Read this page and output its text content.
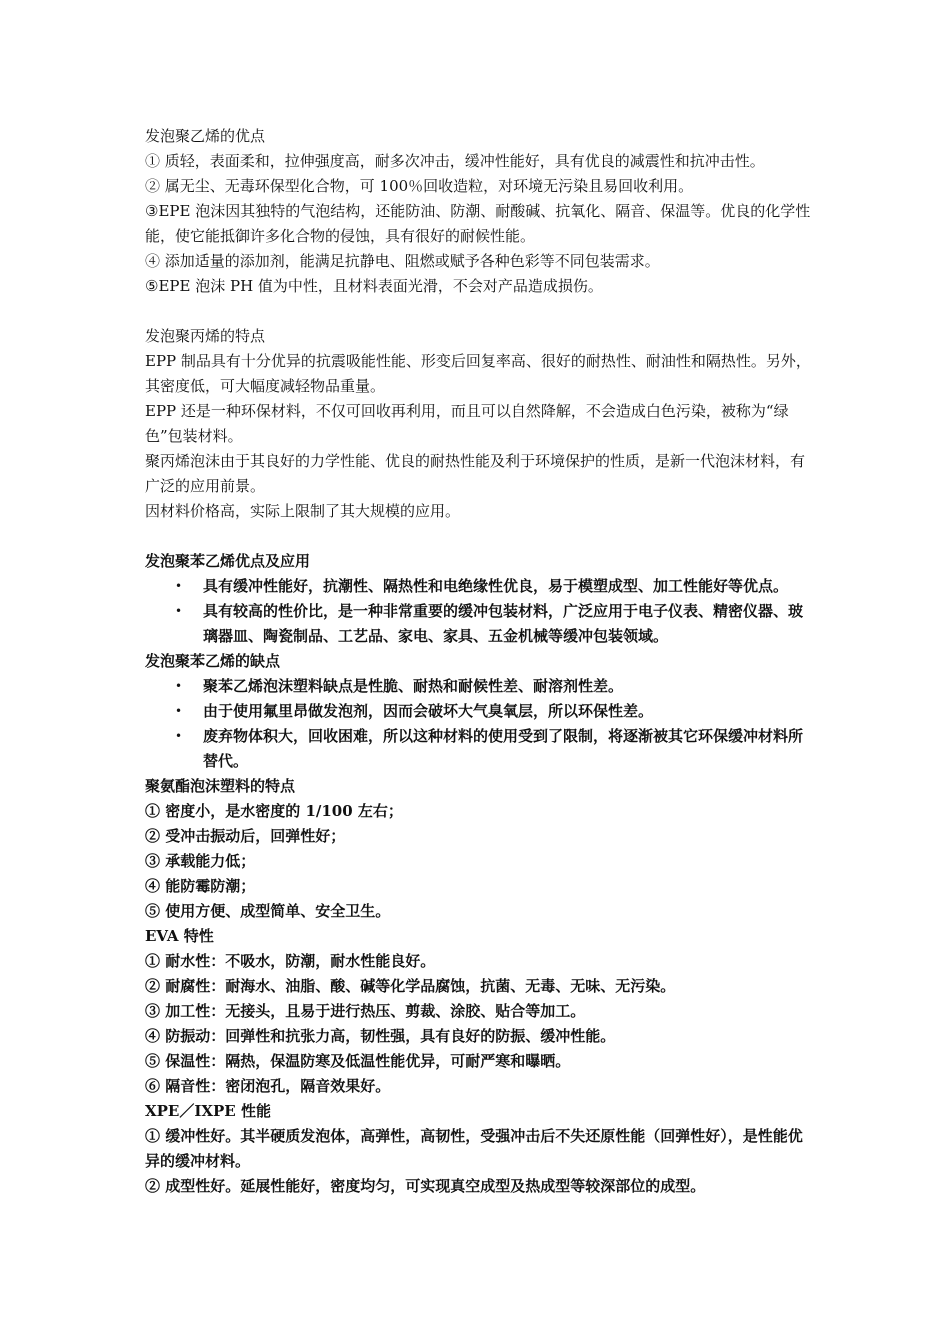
发泡聚乙烯的优点
① 质轻，表面柔和，拉伸强度高，耐多次冲击，缓冲性能好，具有优良的减震性和抗冲击性。
② 属无尘、无毒环保型化合物，可 100％回收造粒，对环境无污染且易回收利用。
③EPE 泡沫因其独特的气泡结构，还能防油、防潮、耐酸碱、抗氧化、隔音、保温等。优良的化学性能，使它能抵御许多化合物的侵蚀，具有很好的耐候性能。
④ 添加适量的添加剂，能满足抗静电、阻燃或赋予各种色彩等不同包装需求。
⑤EPE 泡沫 PH 值为中性，且材料表面光滑，不会对产品造成损伤。
发泡聚丙烯的特点
EPP 制品具有十分优异的抗震吸能性能、形变后回复率高、很好的耐热性、耐油性和隔热性。另外，其密度低，可大幅度减轻物品重量。
EPP 还是一种环保材料，不仅可回收再利用，而且可以自然降解，不会造成白色污染，被称为“绿色”包装材料。
聚丙烯泡沫由于其良好的力学性能、优良的耐热性能及利于环境保护的性质，是新一代泡沫材料，有广泛的应用前景。
因材料价格高，实际上限制了其大规模的应用。
发泡聚苯乙烯优点及应用
• 具有缓冲性能好，抗潮性、隔热性和电绝缘性优良，易于模塑成型、加工性能好等优点。
• 具有较高的性价比，是一种非常重要的缓冲包装材料，广泛应用于电子仪表、精密仪器、玻璃器皿、陶瓷制品、工艺品、家电、家具、五金机械等缓冲包装领域。
发泡聚苯乙烯的缺点
• 聚苯乙烯泡沫塑料缺点是性脆、耐热和耐候性差、耐溶剂性差。
• 由于使用氟里昂做发泡剂，因而会破坏大气臭氧层，所以环保性差。
• 废弃物体积大，回收困难，所以这种材料的使用受到了限制，将逐渐被其它环保缓冲材料所替代。
聚氨酯泡沫塑料的特点
① 密度小，是水密度的 1/100 左右；
② 受冲击振动后，回弹性好；
③ 承载能力低；
④ 能防霉防潮；
⑤ 使用方便、成型简单、安全卫生。
EVA 特性
① 耐水性：不吸水，防潮，耐水性能良好。
② 耐腐性：耐海水、油脂、酸、碱等化学品腐蚀，抗菌、无毒、无味、无污染。
③ 加工性：无接头，且易于进行热压、剪裁、涂胶、贴合等加工。
④ 防振动：回弹性和抗张力高，韧性强，具有良好的防振、缓冲性能。
⑤ 保温性：隔热，保温防寒及低温性能优异，可耐严寒和曝晒。
⑥ 隔音性：密闭泡孔，隔音效果好。
XPE／IXPE 性能
① 缓冲性好。其半硬质发泡体，高弹性，高韧性，受强冲击后不失还原性能（回弹性好），是性能优异的缓冲材料。
② 成型性好。延展性能好，密度均匀，可实现真空成型及热成型等较深部位的成型。
